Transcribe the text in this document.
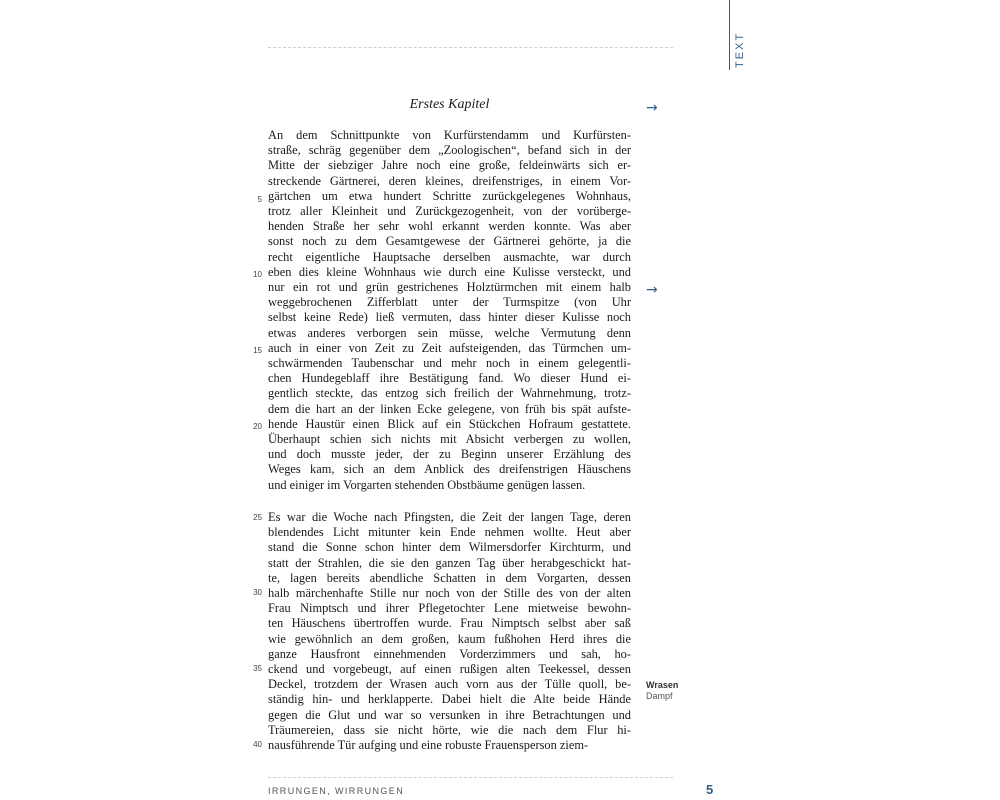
TEXT
Erstes Kapitel	→
→
5
10
15
20
25
30
35
40
An dem Schnittpunkte von Kurfürstendamm und Kurfürsten-
straße, schräg gegenüber dem „Zoologischen“, befand sich in der
Mitte der siebziger Jahre noch eine große, feldeinwärts sich er-
streckende Gärtnerei, deren kleines, dreifenstriges, in einem Vor-
gärtchen um etwa hundert Schritte zurückgelegenes Wohnhaus,
trotz aller Kleinheit und Zurückgezogenheit, von der vorüberge-
henden Straße her sehr wohl erkannt werden konnte. Was aber
sonst noch zu dem Gesamtgewese der Gärtnerei gehörte, ja die
recht eigentliche Hauptsache derselben ausmachte, war durch
eben dies kleine Wohnhaus wie durch eine Kulisse versteckt, und
nur ein rot und grün gestrichenes Holztürmchen mit einem halb
weggebrochenen Zifferblatt unter der Turmspitze (von Uhr
selbst keine Rede) ließ vermuten, dass hinter dieser Kulisse noch
etwas anderes verborgen sein müsse, welche Vermutung denn
auch in einer von Zeit zu Zeit aufsteigenden, das Türmchen um-
schwärmenden Taubenschar und mehr noch in einem gelegentli-
chen Hundegeblaff ihre Bestätigung fand. Wo dieser Hund ei-
gentlich steckte, das entzog sich freilich der Wahrnehmung, trotz-
dem die hart an der linken Ecke gelegene, von früh bis spät aufste-
hende Haustür einen Blick auf ein Stückchen Hofraum gestattete.
Überhaupt schien sich nichts mit Absicht verbergen zu wollen,
und doch musste jeder, der zu Beginn unserer Erzählung des
Weges kam, sich an dem Anblick des dreifenstrigen Häuschens
und einiger im Vorgarten stehenden Obstbäume genügen lassen.
Es war die Woche nach Pfingsten, die Zeit der langen Tage, deren
blendendes Licht mitunter kein Ende nehmen wollte. Heut aber
stand die Sonne schon hinter dem Wilmersdorfer Kirchturm, und
statt der Strahlen, die sie den ganzen Tag über herabgeschickt hat-
te, lagen bereits abendliche Schatten in dem Vorgarten, dessen
halb märchenhafte Stille nur noch von der Stille des von der alten
Frau Nimptsch und ihrer Pflegetochter Lene mietweise bewohn-
ten Häuschens übertroffen wurde. Frau Nimptsch selbst aber saß
wie gewöhnlich an dem großen, kaum fußhohen Herd ihres die
ganze Hausfront einnehmenden Vorderzimmers und sah, ho-
ckend und vorgebeugt, auf einen rußigen alten Teekessel, dessen
Deckel, trotzdem der Wrasen auch vorn aus der Tülle quoll, be-
ständig hin- und herklapperte. Dabei hielt die Alte beide Hände
gegen die Glut und war so versunken in ihre Betrachtungen und
Träumereien, dass sie nicht hörte, wie die nach dem Flur hi-
nausführende Tür aufging und eine robuste Frauensperson ziem-
Wrasen
Dampf
IRRUNGEN, WIRRUNGEN	5
